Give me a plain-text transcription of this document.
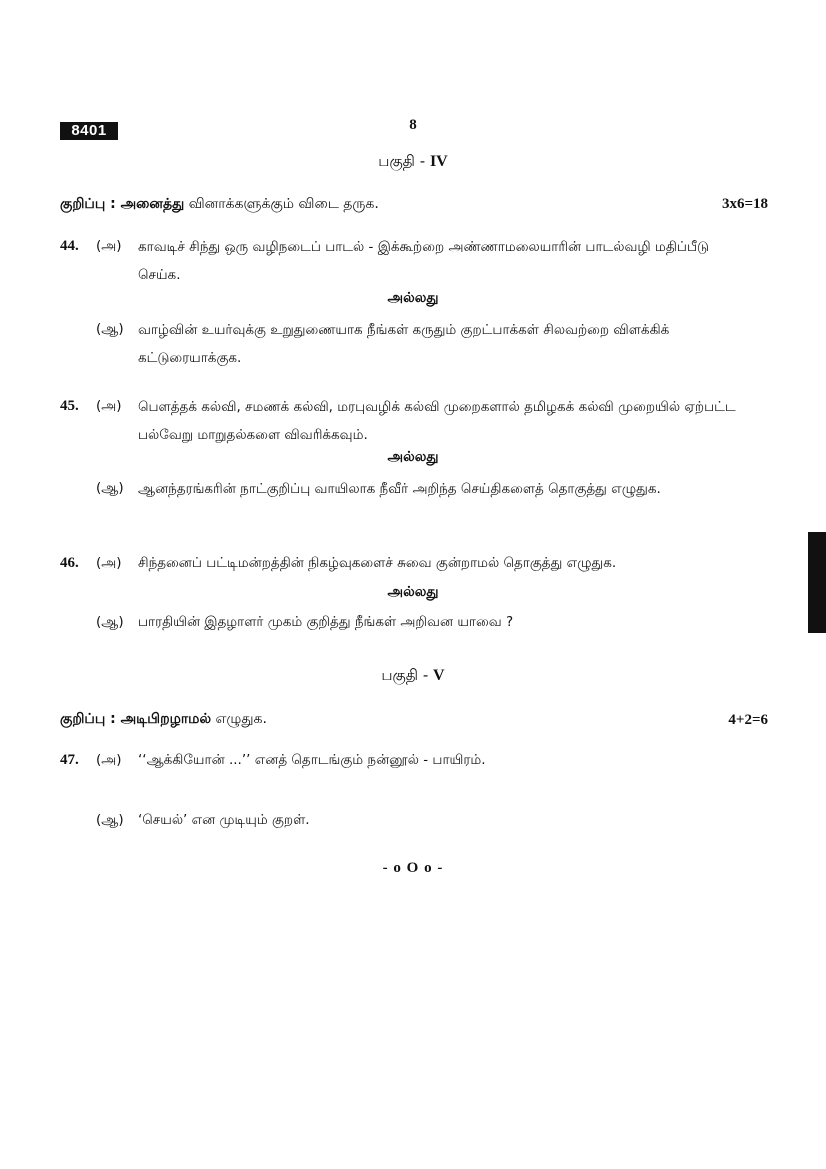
8401	8
பகுதி - IV
குறிப்பு : அனைத்து வினாக்களுக்கும் விடை தருக.	3x6=18
44. (அ) காவடிச் சிந்து ஒரு வழிநடைப் பாடல் - இக்கூற்றை அண்ணாமலையாரின் பாடல்வழி மதிப்பீடு செய்க.
அல்லது
(ஆ) வாழ்வின் உயர்வுக்கு உறுதுணையாக நீங்கள் கருதும் குறட்பாக்கள் சிலவற்றை விளக்கிக் கட்டுரையாக்குக.
45. (அ) பௌத்தக் கல்வி, சமணக் கல்வி, மரபுவழிக் கல்வி முறைகளால் தமிழகக் கல்வி முறையில் ஏற்பட்ட பல்வேறு மாறுதல்களை விவரிக்கவும்.
அல்லது
(ஆ) ஆனந்தரங்கரின் நாட்குறிப்பு வாயிலாக நீவீர் அறிந்த செய்திகளைத் தொகுத்து எழுதுக.
46. (அ) சிந்தனைப் பட்டிமன்றத்தின் நிகழ்வுகளைச் சுவை குன்றாமல் தொகுத்து எழுதுக.
அல்லது
(ஆ) பாரதியின் இதழாளர் முகம் குறித்து நீங்கள் அறிவன யாவை ?
பகுதி - V
குறிப்பு : அடிபிறழாமல் எழுதுக.	4+2=6
47. (அ) ‘‘ஆக்கியோன் ...’’ எனத் தொடங்கும் நன்னூல் - பாயிரம்.
(ஆ) ‘செயல்’ என முடியும் குறள்.
- o O o -
